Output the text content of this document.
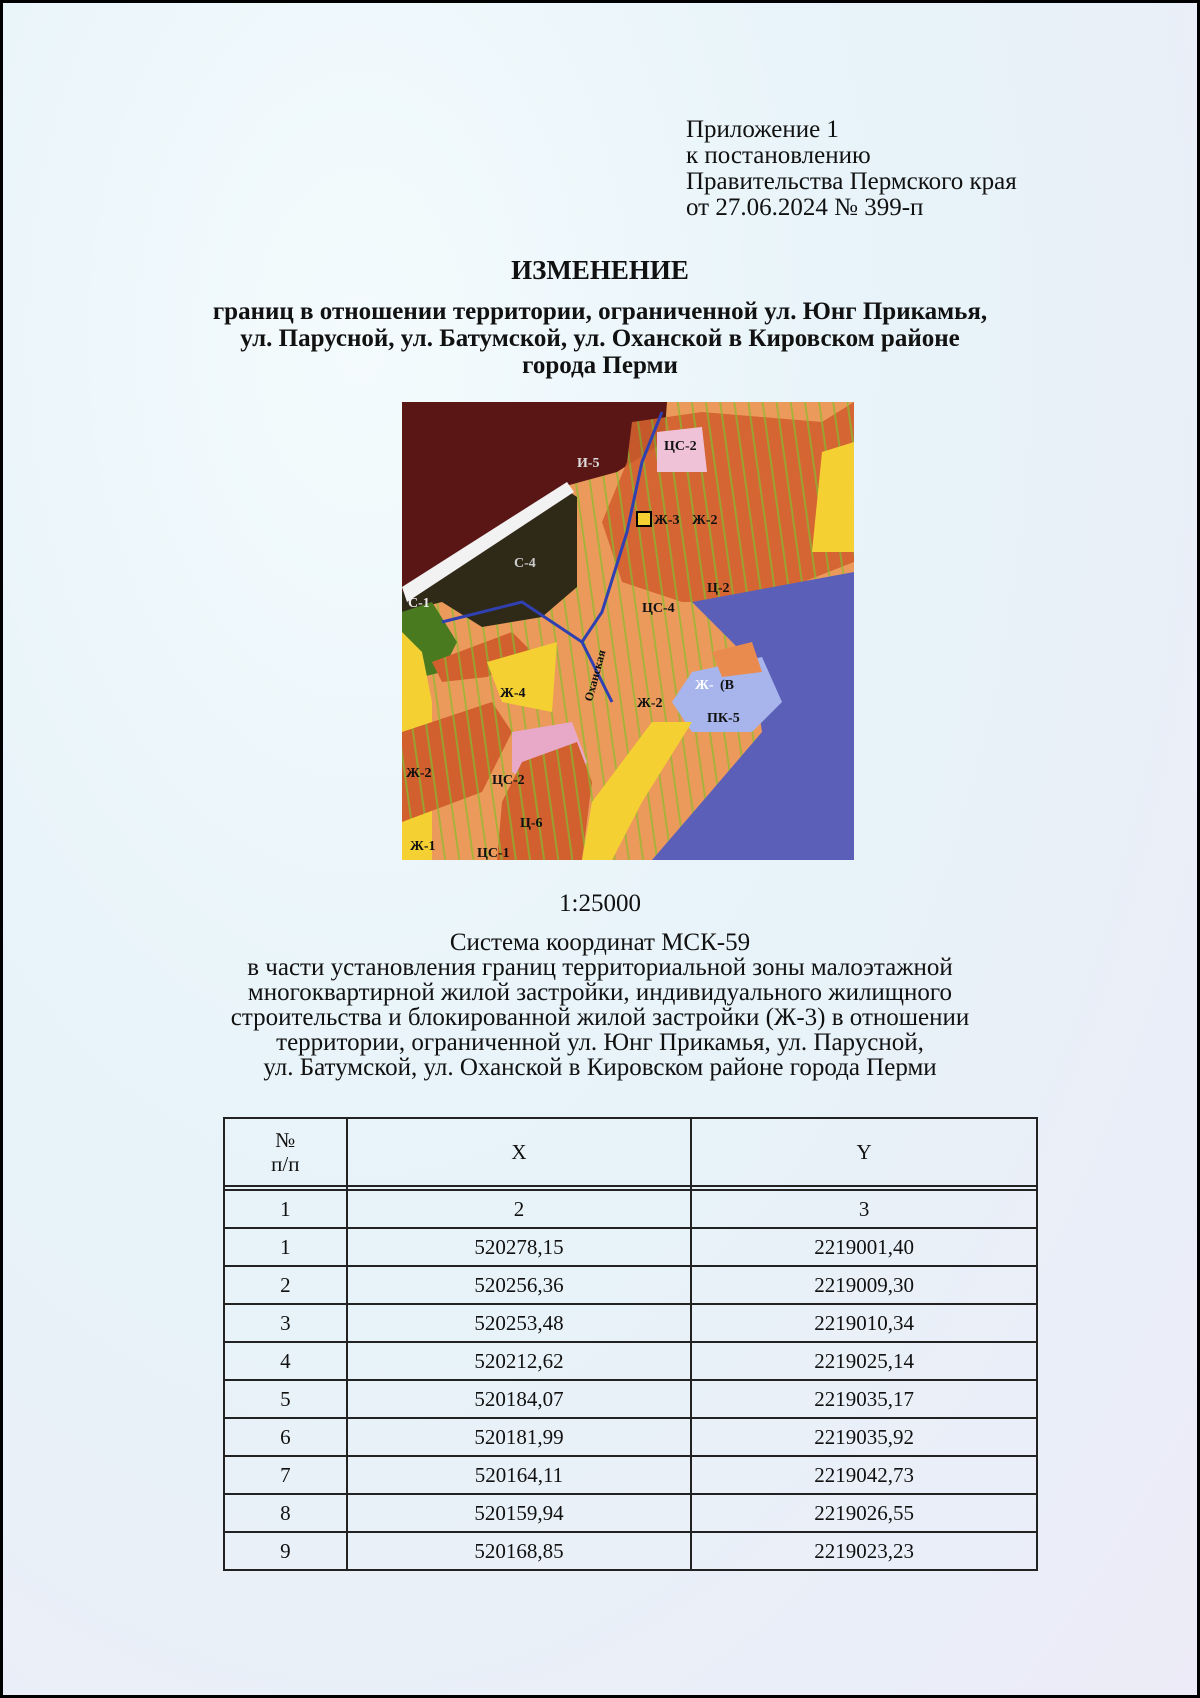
Приложение 1
к постановлению
Правительства Пермского края
от 27.06.2024 № 399-п
ИЗМЕНЕНИЕ
границ в отношении территории, ограниченной ул. Юнг Прикамья,
ул. Парусной, ул. Батумской, ул. Оханской в Кировском районе
города Перми
ЦС-2
Ж-3 Ж-2
Ц-2
ЦС-4
С-4
С-1
Ж-4
Ж-2
ПК-5
Ж-2	ЦС-2
Ж-1	ЦС-1
И-5
Ж- (В
Ц-6
Оханская
1:25000
Система координат МСК-59
в части установления границ территориальной зоны малоэтажной
многоквартирной жилой застройки, индивидуального жилищного
строительства и блокированной жилой застройки (Ж-3) в отношении
территории, ограниченной ул. Юнг Прикамья, ул. Парусной,
ул. Батумской, ул. Оханской в Кировском районе города Перми
№
п/п	X	Y

1	2	3
1	520278,15	2219001,40
2	520256,36	2219009,30
3	520253,48	2219010,34
4	520212,62	2219025,14
5	520184,07	2219035,17
6	520181,99	2219035,92
7	520164,11	2219042,73
8	520159,94	2219026,55
9	520168,85	2219023,23
